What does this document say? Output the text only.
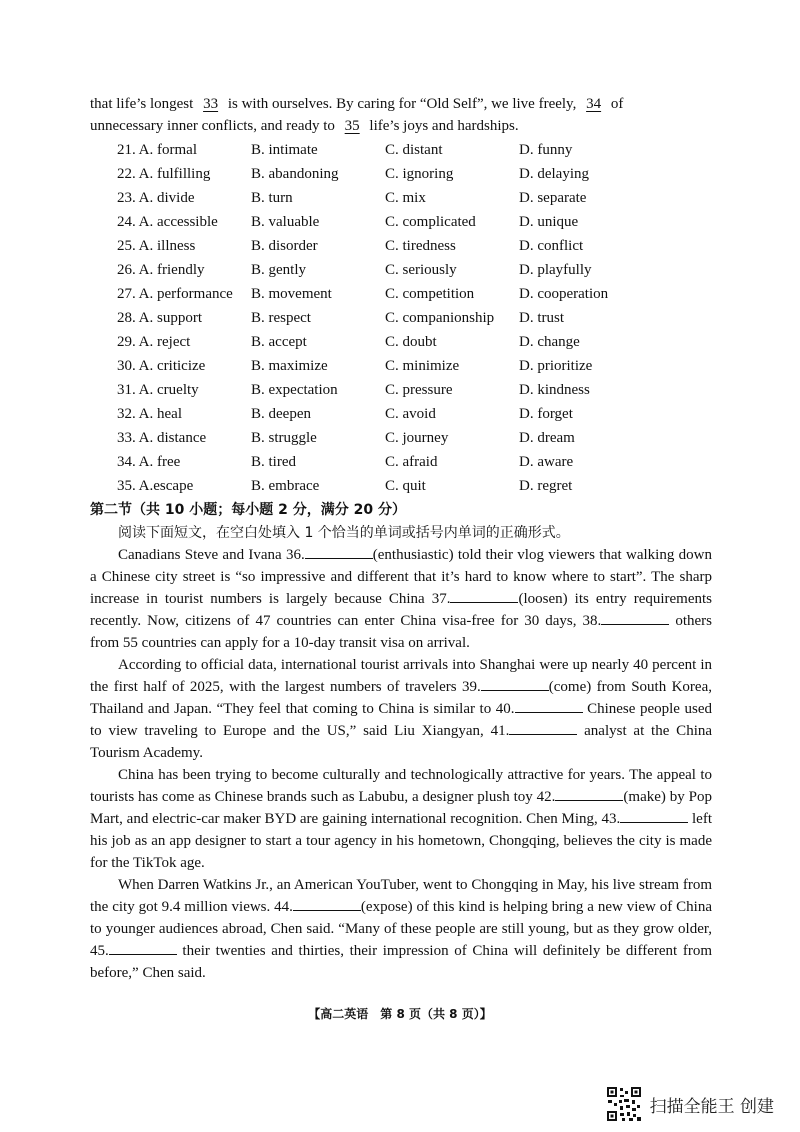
that life’s longest 33 is with ourselves. By caring for “Old Self”, we live freely, 34 of
unnecessary inner conflicts, and ready to 35 life’s joys and hardships.

21. A. formal	B. intimate	C. distant	D. funny
22. A. fulfilling	B. abandoning	C. ignoring	D. delaying
23. A. divide	B. turn	C. mix	D. separate
24. A. accessible B. valuable	C. complicated	D. unique
25. A. illness	B. disorder	C. tiredness	D. conflict
26. A. friendly	B. gently	C. seriously	D. playfully
27. A. performance B. movement	C. competition	D. cooperation
28. A. support	B. respect	C. companionship D. trust
29. A. reject	B. accept	C. doubt	D. change
30. A. criticize	B. maximize	C. minimize	D. prioritize
31. A. cruelty	B. expectation	C. pressure	D. kindness
32. A. heal	B. deepen	C. avoid	D. forget
33. A. distance	B. struggle	C. journey	D. dream
34. A. free	B. tired	C. afraid	D. aware
35. A.escape	B. embrace	C. quit	D. regret
第二节（共 10 小题；每小题 2 分，满分 20 分）
阅读下面短文，在空白处填入 1 个恰当的单词或括号内单词的正确形式。

Canadians Steve and Ivana 36.	(enthusiastic) told their vlog viewers that walking down a Chinese city street is “so impressive and different that it’s hard to know where to start”. The sharp increase in tourist numbers is largely because China 37.	(loosen) its entry requirements recently. Now, citizens of 47 countries can enter China visa-free for 30 days, 38.	others from 55 countries can apply for a 10-day transit visa on arrival.

According to official data, international tourist arrivals into Shanghai were up nearly 40 percent in the first half of 2025, with the largest numbers of travelers 39.	(come) from South Korea, Thailand and Japan. “They feel that coming to China is similar to 40.	Chinese people used to view traveling to Europe and the US,” said Liu Xiangyan, 41.	analyst at the China Tourism Academy.

China has been trying to become culturally and technologically attractive for years. The appeal to tourists has come as Chinese brands such as Labubu, a designer plush toy 42.	(make) by Pop Mart, and electric-car maker BYD are gaining international recognition. Chen Ming, 43.	left his job as an app designer to start a tour agency in his hometown, Chongqing, believes the city is made for the TikTok age.

When Darren Watkins Jr., an American YouTuber, went to Chongqing in May, his live stream from the city got 9.4 million views. 44.	(expose) of this kind is helping bring a new view of China to younger audiences abroad, Chen said. “Many of these people are still young, but as they grow older, 45.	their twenties and thirties, their impression of China will definitely be different from before,” Chen said.

【高二英语　第 8 页（共 8 页）】
扫描全能王 创建
